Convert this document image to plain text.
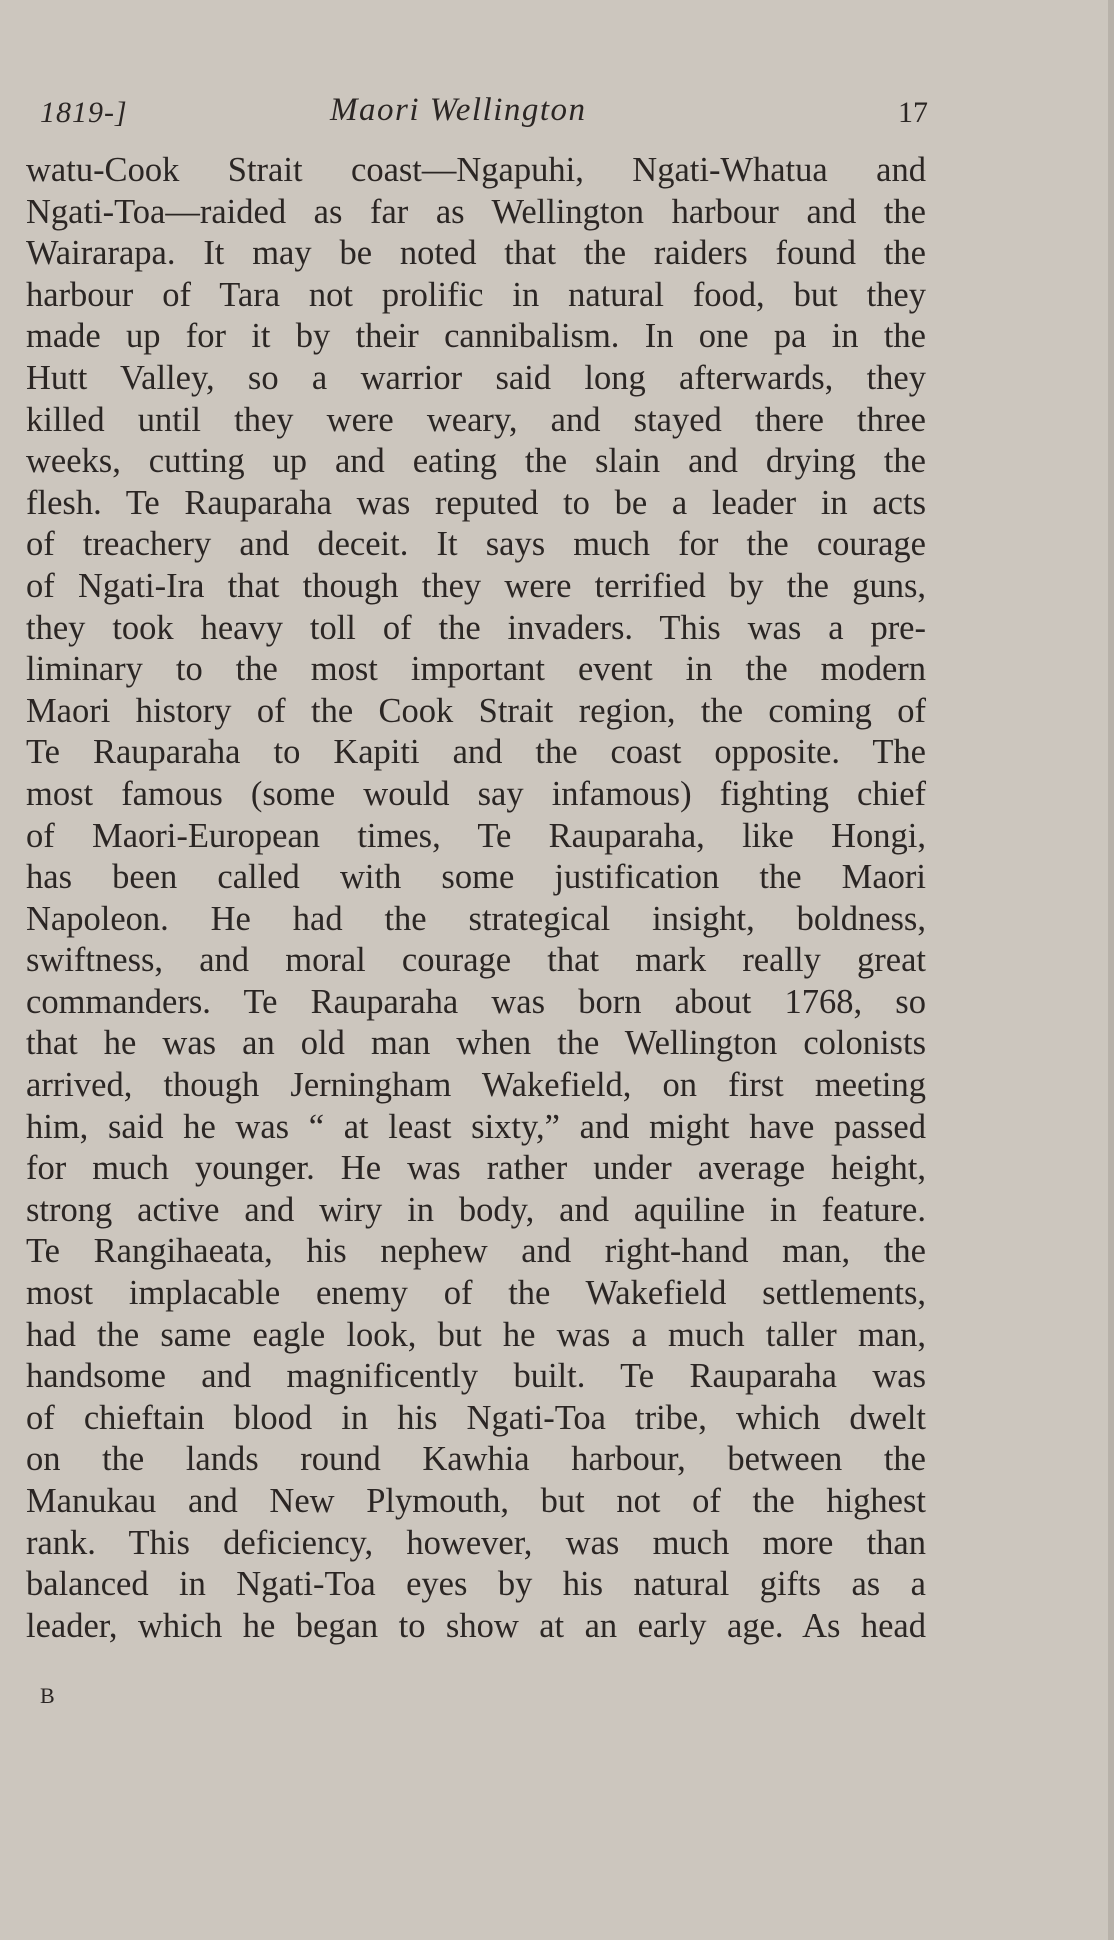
1819-]	Maori Wellington	17
watu-Cook Strait coast—Ngapuhi, Ngati-Whatua and
Ngati-Toa—raided as far as Wellington harbour and the
Wairarapa. It may be noted that the raiders found the
harbour of Tara not prolific in natural food, but they
made up for it by their cannibalism. In one pa in the
Hutt Valley, so a warrior said long afterwards, they
killed until they were weary, and stayed there three
weeks, cutting up and eating the slain and drying the
flesh. Te Rauparaha was reputed to be a leader in acts
of treachery and deceit. It says much for the courage
of Ngati-Ira that though they were terrified by the guns,
they took heavy toll of the invaders. This was a pre-
liminary to the most important event in the modern
Maori history of the Cook Strait region, the coming of
Te Rauparaha to Kapiti and the coast opposite. The
most famous (some would say infamous) fighting chief
of Maori-European times, Te Rauparaha, like Hongi,
has been called with some justification the Maori
Napoleon. He had the strategical insight, boldness,
swiftness, and moral courage that mark really great
commanders. Te Rauparaha was born about 1768, so
that he was an old man when the Wellington colonists
arrived, though Jerningham Wakefield, on first meeting
him, said he was “ at least sixty,” and might have passed
for much younger. He was rather under average height,
strong active and wiry in body, and aquiline in feature.
Te Rangihaeata, his nephew and right-hand man, the
most implacable enemy of the Wakefield settlements,
had the same eagle look, but he was a much taller man,
handsome and magnificently built. Te Rauparaha was
of chieftain blood in his Ngati-Toa tribe, which dwelt
on the lands round Kawhia harbour, between the
Manukau and New Plymouth, but not of the highest
rank. This deficiency, however, was much more than
balanced in Ngati-Toa eyes by his natural gifts as a
leader, which he began to show at an early age. As head
B
